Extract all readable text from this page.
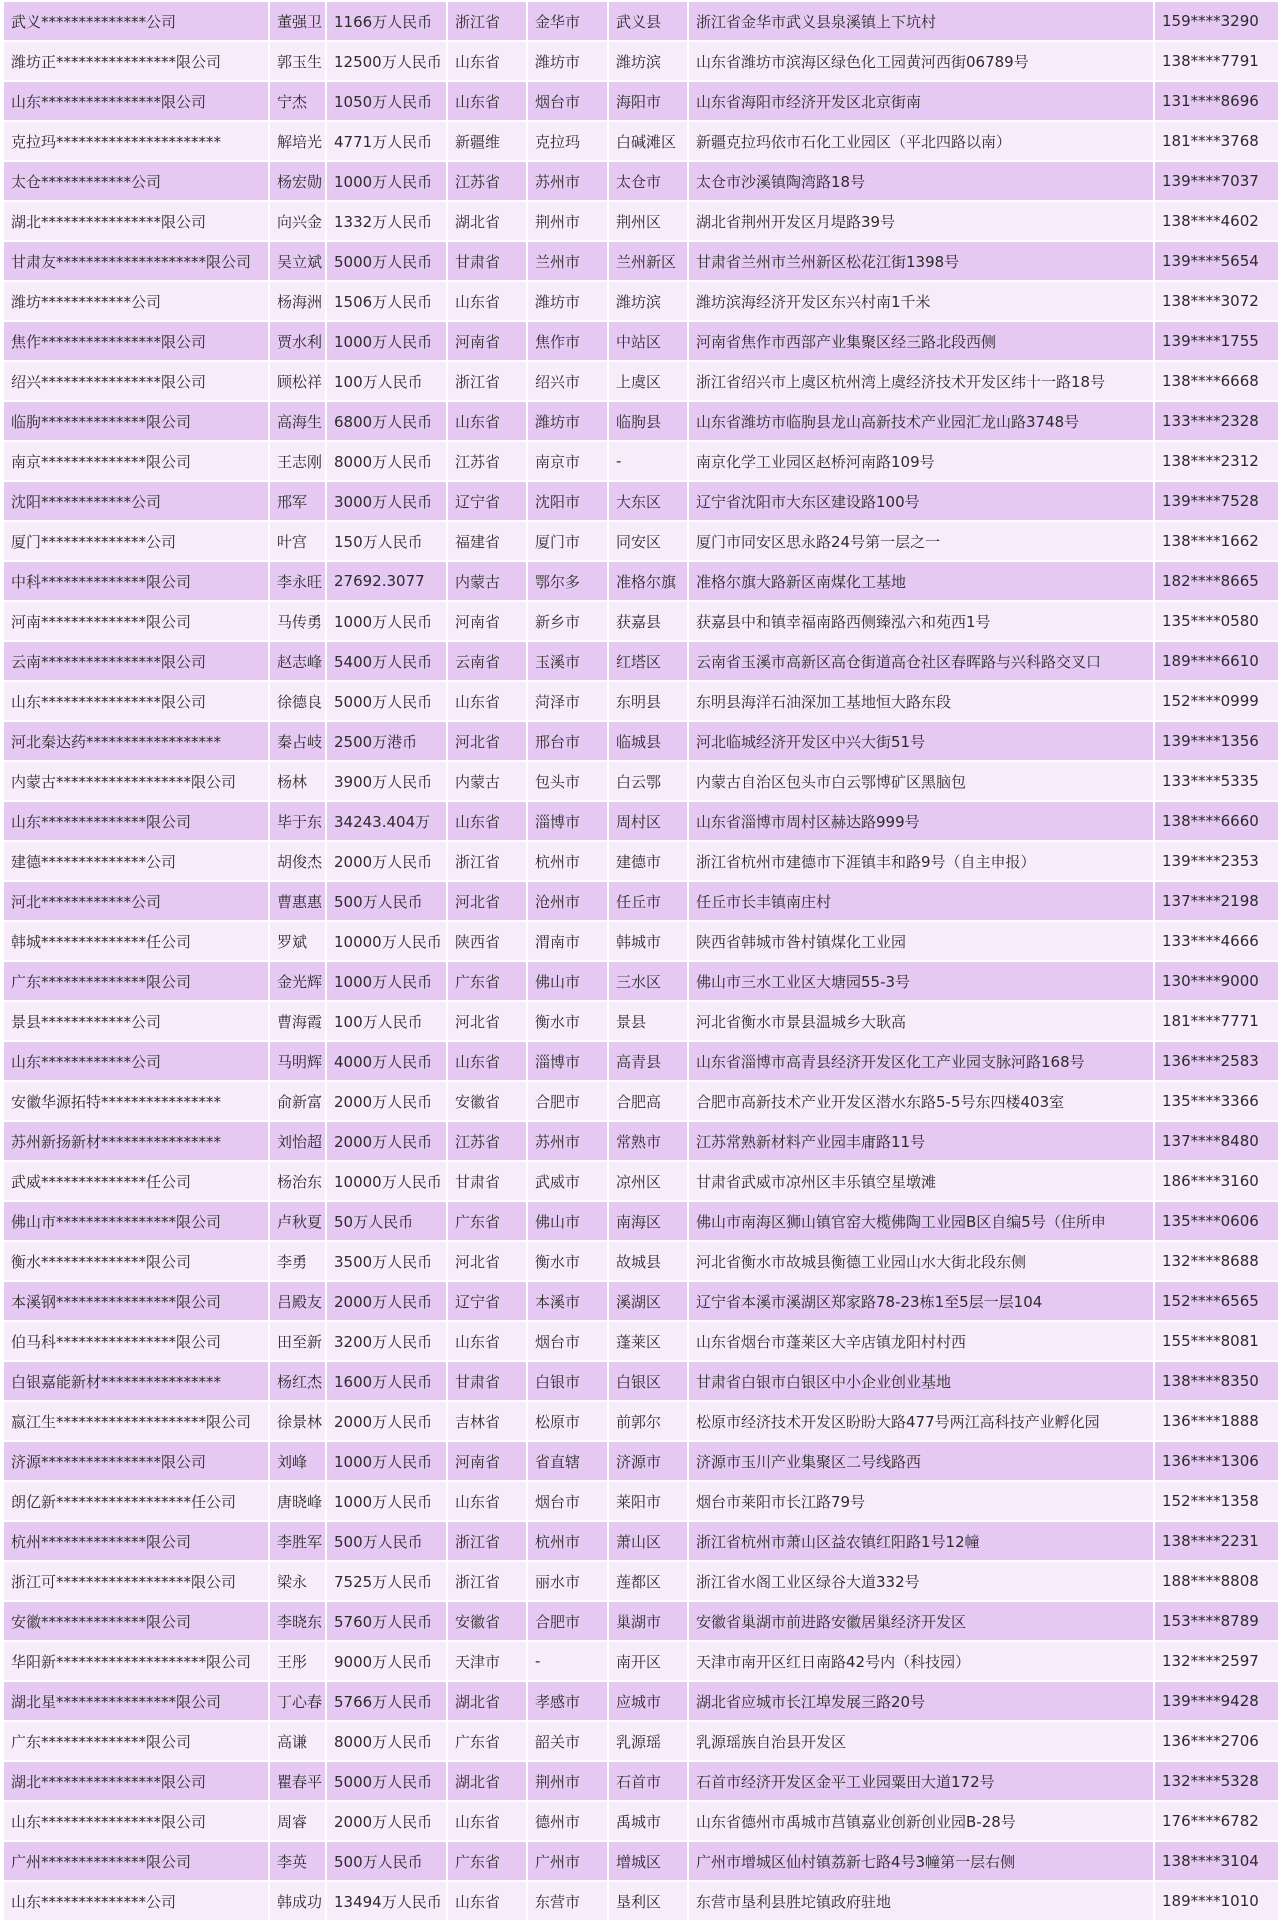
武义**************公司	董强卫	1166万人民币	浙江省	金华市	武义县	浙江省金华市武义县泉溪镇上下坑村	159****3290
潍坊正****************限公司	郭玉生	12500万人民币	山东省	潍坊市	潍坊滨	山东省潍坊市滨海区绿色化工园黄河西街06789号	138****7791
山东****************限公司	宁杰	1050万人民币	山东省	烟台市	海阳市	山东省海阳市经济开发区北京街南	131****8696
克拉玛**********************	解培光	4771万人民币	新疆维	克拉玛	白碱滩区	新疆克拉玛依市石化工业园区（平北四路以南）	181****3768
太仓************公司	杨宏勋	1000万人民币	江苏省	苏州市	太仓市	太仓市沙溪镇陶湾路18号	139****7037
湖北****************限公司	向兴金	1332万人民币	湖北省	荆州市	荆州区	湖北省荆州开发区月堤路39号	138****4602
甘肃友********************限公司	吴立斌	5000万人民币	甘肃省	兰州市	兰州新区	甘肃省兰州市兰州新区松花江街1398号	139****5654
潍坊************公司	杨海洲	1506万人民币	山东省	潍坊市	潍坊滨	潍坊滨海经济开发区东兴村南1千米	138****3072
焦作****************限公司	贾水利	1000万人民币	河南省	焦作市	中站区	河南省焦作市西部产业集聚区经三路北段西侧	139****1755
绍兴****************限公司	顾松祥	100万人民币	浙江省	绍兴市	上虞区	浙江省绍兴市上虞区杭州湾上虞经济技术开发区纬十一路18号	138****6668
临朐**************限公司	高海生	6800万人民币	山东省	潍坊市	临朐县	山东省潍坊市临朐县龙山高新技术产业园汇龙山路3748号	133****2328
南京**************限公司	王志刚	8000万人民币	江苏省	南京市	-	南京化学工业园区赵桥河南路109号	138****2312
沈阳************公司	邢军	3000万人民币	辽宁省	沈阳市	大东区	辽宁省沈阳市大东区建设路100号	139****7528
厦门**************公司	叶宫	150万人民币	福建省	厦门市	同安区	厦门市同安区思永路24号第一层之一	138****1662
中科**************限公司	李永旺	27692.3077	内蒙古	鄂尔多	准格尔旗	准格尔旗大路新区南煤化工基地	182****8665
河南**************限公司	马传勇	1000万人民币	河南省	新乡市	获嘉县	获嘉县中和镇幸福南路西侧臻泓六和苑西1号	135****0580
云南****************限公司	赵志峰	5400万人民币	云南省	玉溪市	红塔区	云南省玉溪市高新区高仓街道高仓社区春晖路与兴科路交叉口	189****6610
山东****************限公司	徐德良	5000万人民币	山东省	菏泽市	东明县	东明县海洋石油深加工基地恒大路东段	152****0999
河北秦达药******************	秦占岐	2500万港币	河北省	邢台市	临城县	河北临城经济开发区中兴大街51号	139****1356
内蒙古******************限公司	杨林	3900万人民币	内蒙古	包头市	白云鄂	内蒙古自治区包头市白云鄂博矿区黑脑包	133****5335
山东**************限公司	毕于东	34243.404万	山东省	淄博市	周村区	山东省淄博市周村区赫达路999号	138****6660
建德**************公司	胡俊杰	2000万人民币	浙江省	杭州市	建德市	浙江省杭州市建德市下涯镇丰和路9号（自主申报）	139****2353
河北************公司	曹惠惠	500万人民币	河北省	沧州市	任丘市	任丘市长丰镇南庄村	137****2198
韩城**************任公司	罗斌	10000万人民币	陕西省	渭南市	韩城市	陕西省韩城市昝村镇煤化工业园	133****4666
广东**************限公司	金光辉	1000万人民币	广东省	佛山市	三水区	佛山市三水工业区大塘园55-3号	130****9000
景县************公司	曹海霞	100万人民币	河北省	衡水市	景县	河北省衡水市景县温城乡大耿高	181****7771
山东************公司	马明辉	4000万人民币	山东省	淄博市	高青县	山东省淄博市高青县经济开发区化工产业园支脉河路168号	136****2583
安徽华源拓特****************	俞新富	2000万人民币	安徽省	合肥市	合肥高	合肥市高新技术产业开发区潜水东路5-5号东四楼403室	135****3366
苏州新扬新材****************	刘怡超	2000万人民币	江苏省	苏州市	常熟市	江苏常熟新材料产业园丰庸路11号	137****8480
武威**************任公司	杨治东	10000万人民币	甘肃省	武威市	凉州区	甘肃省武威市凉州区丰乐镇空星墩滩	186****3160
佛山市****************限公司	卢秋夏	50万人民币	广东省	佛山市	南海区	佛山市南海区狮山镇官窑大榄佛陶工业园B区自编5号（住所申	135****0606
衡水**************限公司	李勇	3500万人民币	河北省	衡水市	故城县	河北省衡水市故城县衡德工业园山水大街北段东侧	132****8688
本溪钢****************限公司	吕殿友	2000万人民币	辽宁省	本溪市	溪湖区	辽宁省本溪市溪湖区郑家路78-23栋1至5层一层104	152****6565
伯马科****************限公司	田至新	3200万人民币	山东省	烟台市	蓬莱区	山东省烟台市蓬莱区大辛店镇龙阳村村西	155****8081
白银嘉能新材****************	杨红杰	1600万人民币	甘肃省	白银市	白银区	甘肃省白银市白银区中小企业创业基地	138****8350
嬴江生********************限公司	徐景林	2000万人民币	吉林省	松原市	前郭尔	松原市经济技术开发区盼盼大路477号两江高科技产业孵化园	136****1888
济源****************限公司	刘峰	1000万人民币	河南省	省直辖	济源市	济源市玉川产业集聚区二号线路西	136****1306
朗亿新******************任公司	唐晓峰	1000万人民币	山东省	烟台市	莱阳市	烟台市莱阳市长江路79号	152****1358
杭州**************限公司	李胜军	500万人民币	浙江省	杭州市	萧山区	浙江省杭州市萧山区益农镇红阳路1号12幢	138****2231
浙江可******************限公司	梁永	7525万人民币	浙江省	丽水市	莲都区	浙江省水阁工业区绿谷大道332号	188****8808
安徽**************限公司	李晓东	5760万人民币	安徽省	合肥市	巢湖市	安徽省巢湖市前进路安徽居巢经济开发区	153****8789
华阳新********************限公司	王彤	9000万人民币	天津市	-	南开区	天津市南开区红日南路42号内（科技园）	132****2597
湖北星****************限公司	丁心春	5766万人民币	湖北省	孝感市	应城市	湖北省应城市长江埠发展三路20号	139****9428
广东**************限公司	高谦	8000万人民币	广东省	韶关市	乳源瑶	乳源瑶族自治县开发区	136****2706
湖北****************限公司	瞿春平	5000万人民币	湖北省	荆州市	石首市	石首市经济开发区金平工业园粟田大道172号	132****5328
山东****************限公司	周睿	2000万人民币	山东省	德州市	禹城市	山东省德州市禹城市莒镇嘉业创新创业园B-28号	176****6782
广州**************限公司	李英	500万人民币	广东省	广州市	增城区	广州市增城区仙村镇荔新七路4号3幢第一层右侧	138****3104
山东**************公司	韩成功	13494万人民币	山东省	东营市	垦利区	东营市垦利县胜坨镇政府驻地	189****1010
